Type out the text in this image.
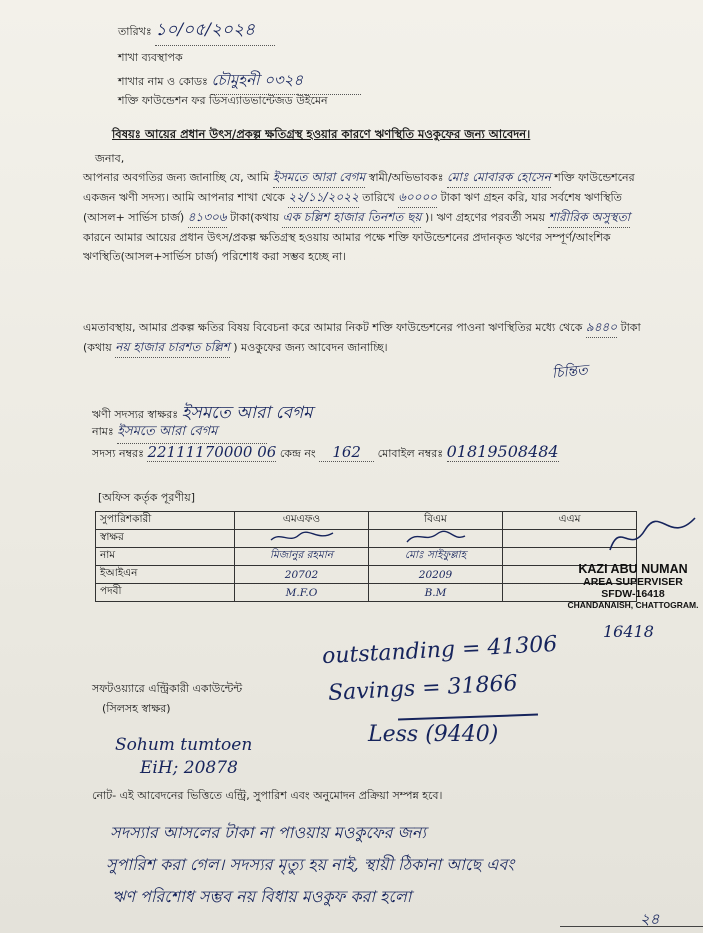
তারিখঃ ১০/০৫/২০২৪
শাখা ব্যবস্থাপক
শাখার নাম ও কোডঃ চৌমুহনী ০৩২৪
শক্তি ফাউন্ডেশন ফর ডিসএ্যাডভান্টেজড উইমেন
বিষয়ঃ আয়ের প্রধান উৎস/প্রকল্প ক্ষতিগ্রস্থ হওয়ার কারণে ঋণস্থিতি মওকুফের জন্য আবেদন।
জনাব,
আপনার অবগতির জন্য জানাচ্ছি যে, আমি ইসমতে আরা বেগম স্বামী/অভিভাবকঃ মোঃ মোবারক হোসেন শক্তি ফাউন্ডেশনের একজন ঋণী সদস্য। আমি আপনার শাখা থেকে ২২/১১/২০২২ তারিখে ৬০০০০ টাকা ঋণ গ্রহন করি, যার সর্বশেষ ঋণস্থিতি (আসল+ সার্ভিস চার্জ) ৪১৩০৬ টাকা(কথায় এক চল্লিশ হাজার তিনশত ছয় )। ঋণ গ্রহণের পরবর্তী সময় শারীরিক অসুস্থতা কারনে আমার আয়ের প্রধান উৎস/প্রকল্প ক্ষতিগ্রস্থ হওয়ায় আমার পক্ষে শক্তি ফাউন্ডেশনের প্রদানকৃত ঋণের সম্পূর্ণ/আংশিক ঋণস্থিতি(আসল+সার্ভিস চার্জ) পরিশোধ করা সম্ভব হচ্ছে না।
এমতাবস্থায়, আমার প্রকল্প ক্ষতির বিষয় বিবেচনা করে আমার নিকট শক্তি ফাউন্ডেশনের পাওনা ঋণস্থিতির মধ্যে থেকে ৯৪৪০ টাকা (কথায় নয় হাজার চারশত চল্লিশ ) মওকুফের জন্য আবেদন জানাচ্ছি।
চিন্তিত
ঋণী সদস্যর স্বাক্ষরঃ ইসমতে আরা বেগম
নামঃ ইসমতে আরা বেগম
সদস্য নম্বরঃ 22111170000 06 কেন্দ্র নং 162 মোবাইল নম্বরঃ 01819508484
[অফিস কর্তৃক পূরণীয়]
সুপারিশকারী	এমএফও	বিএম	এএম
স্বাক্ষর			
নাম	মিজানুর রহমান	মোঃ সাইফুল্লাহ	
ইআইএন	20702	20209	
পদবী	M.F.O	B.M	
KAZI ABU NUMAN
AREA SUPERVISER
SFDW-16418
CHANDANAISH, CHATTOGRAM.
16418
outstanding = 41306
Savings = 31866
Less (9440)
সফটওয়্যারে এন্ট্রিকারী একাউন্টেন্ট
(সিলসহ স্বাক্ষর)
Sohum tumtoen
EiH; 20878
নোট- এই আবেদনের ভিত্তিতে এন্ট্রি, সুপারিশ এবং অনুমোদন প্রক্রিয়া সম্পন্ন হবে।
সদস্যার আসলের টাকা না পাওয়ায় মওকুফের জন্য
সুপারিশ করা গেল। সদস্যর মৃত্যু হয় নাই, স্থায়ী ঠিকানা আছে এবং
ঋণ পরিশোধ সম্ভব নয় বিধায় মওকুফ করা হলো
২৪
